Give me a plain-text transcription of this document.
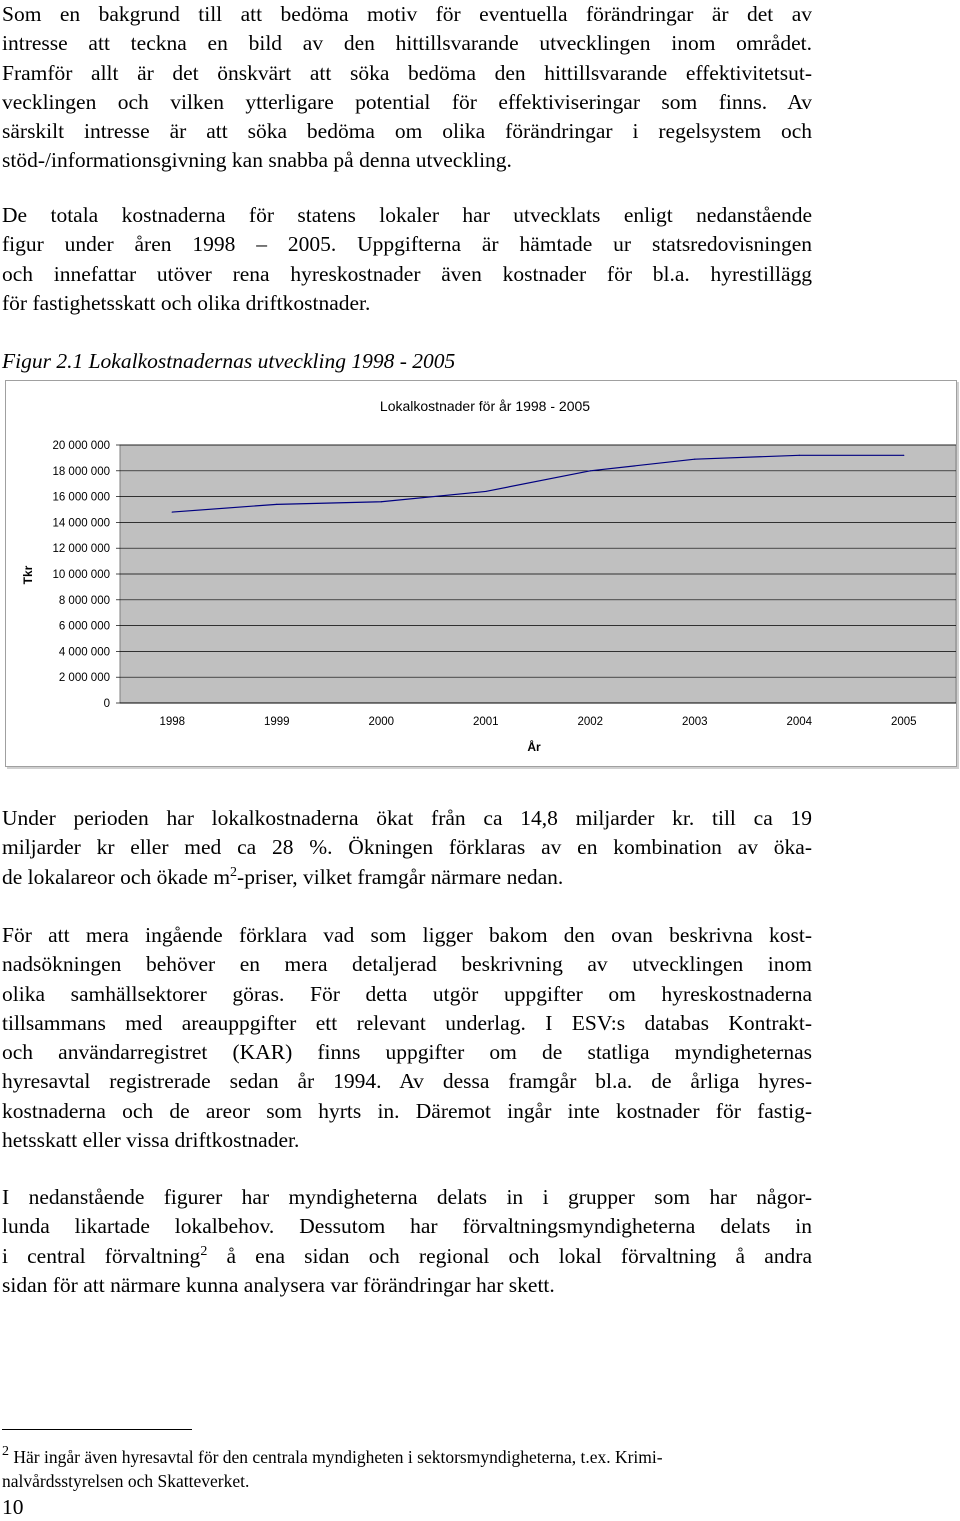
Som en bakgrund till att bedöma motiv för eventuella förändringar är det av
intresse att teckna en bild av den hittillsvarande utvecklingen inom området.
Framför allt är det önskvärt att söka bedöma den hittillsvarande effektivitetsut-
vecklingen och vilken ytterligare potential för effektiviseringar som finns. Av
särskilt intresse är att söka bedöma om olika förändringar i regelsystem och
stöd-/informationsgivning kan snabba på denna utveckling.
De totala kostnaderna för statens lokaler har utvecklats enligt nedanstående
figur under åren 1998 – 2005. Uppgifterna är hämtade ur statsredovisningen
och innefattar utöver rena hyreskostnader även kostnader för bl.a. hyrestillägg
för fastighetsskatt och olika driftkostnader.

Figur 2.1 Lokalkostnadernas utveckling 1998 - 2005

Lokalkostnader för år 1998 - 2005
Tkr
År
20 000 000
18 000 000
16 000 000
14 000 000
12 000 000
10 000 000
8 000 000
6 000 000
4 000 000
2 000 000
0
1998	1999	2000	2001	2002	2003	2004	2005
Under perioden har lokalkostnaderna ökat från ca 14,8 miljarder kr. till ca 19
miljarder kr eller med ca 28 %. Ökningen förklaras av en kombination av öka-
de lokalareor och ökade $m^2$-priser, vilket framgår närmare nedan.
För att mera ingående förklara vad som ligger bakom den ovan beskrivna kost-
nadsökningen behöver en mera detaljerad beskrivning av utvecklingen inom
olika samhällsektorer göras. För detta utgör uppgifter om hyreskostnaderna
tillsammans med areauppgifter ett relevant underlag. I ESV:s databas Kontrakt-
och användarregistret (KAR) finns uppgifter om de statliga myndigheternas
hyresavtal registrerade sedan år 1994. Av dessa framgår bl.a. de årliga hyres-
kostnaderna och de areor som hyrts in. Däremot ingår inte kostnader för fastig-
hetsskatt eller vissa driftkostnader.
I nedanstående figurer har myndigheterna delats in i grupper som har någor-
lunda likartade lokalbehov. Dessutom har förvaltningsmyndigheterna delats in
i central förvaltning$^2$ å ena sidan och regional och lokal förvaltning å andra
sidan för att närmare kunna analysera var förändringar har skett.
$^2$ Här ingår även hyresavtal för den centrala myndigheten i sektorsmyndigheterna, t.ex. Krimi-
nalvårdsstyrelsen och Skatteverket.

10
